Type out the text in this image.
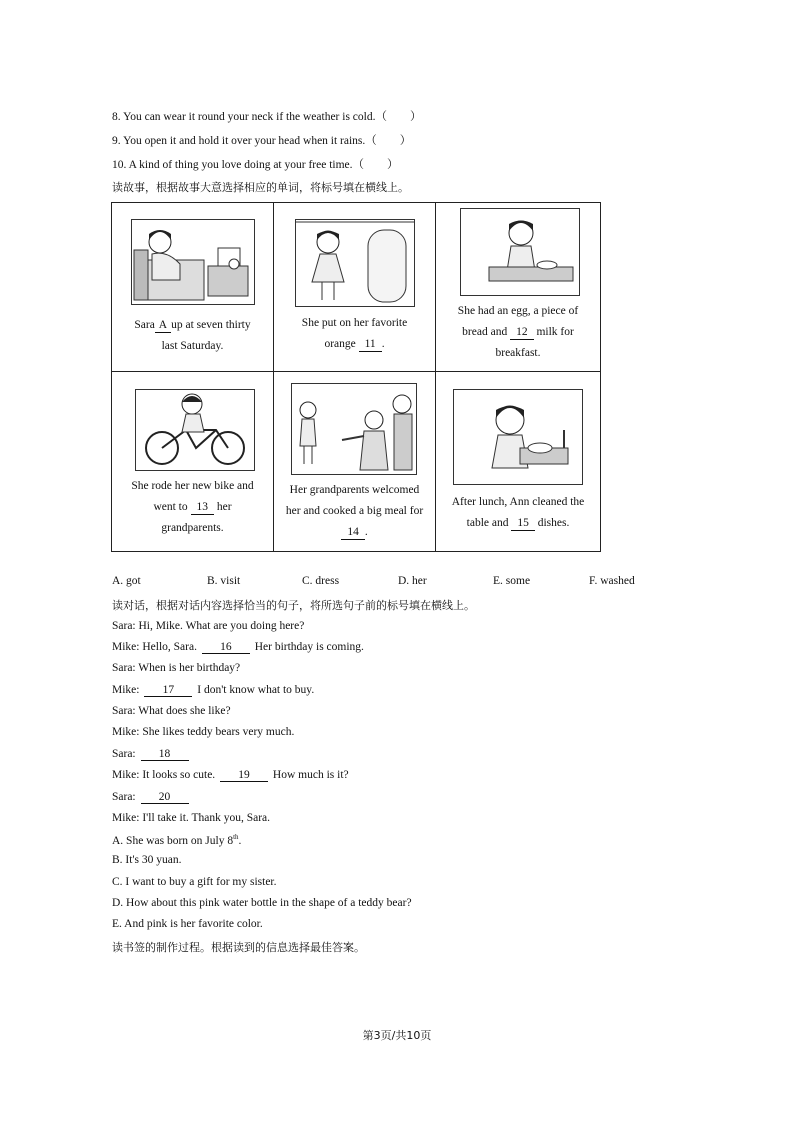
8. You can wear it round your neck if the weather is cold.（　　）
9. You open it and hold it over your head when it rains.（　　）
10. A kind of thing you love doing at your free time.（　　）
读故事，根据故事大意选择相应的单词，将标号填在横线上。
Sara A up at seven thirty
last Saturday.
She put on her favorite
orange 11 .
She had an egg, a piece of
bread and 12 milk for
breakfast.
She rode her new bike and
went to 13 her
grandparents.
Her grandparents welcomed
her and cooked a big meal for
14 .
After lunch, Ann cleaned the
table and 15 dishes.
A. got	B. visit	C. dress	D. her	E. some	F. washed
读对话，根据对话内容选择恰当的句子，将所选句子前的标号填在横线上。
Sara: Hi, Mike. What are you doing here?
Mike: Hello, Sara. 16 Her birthday is coming.
Sara: When is her birthday?
Mike: 17 I don't know what to buy.
Sara: What does she like?
Mike: She likes teddy bears very much.
Sara: 18
Mike: It looks so cute. 19 How much is it?
Sara: 20
Mike: I'll take it. Thank you, Sara.
A. She was born on July 8th.
B. It's 30 yuan.
C. I want to buy a gift for my sister.
D. How about this pink water bottle in the shape of a teddy bear?
E. And pink is her favorite color.
读书签的制作过程。根据读到的信息选择最佳答案。
第3页/共10页
